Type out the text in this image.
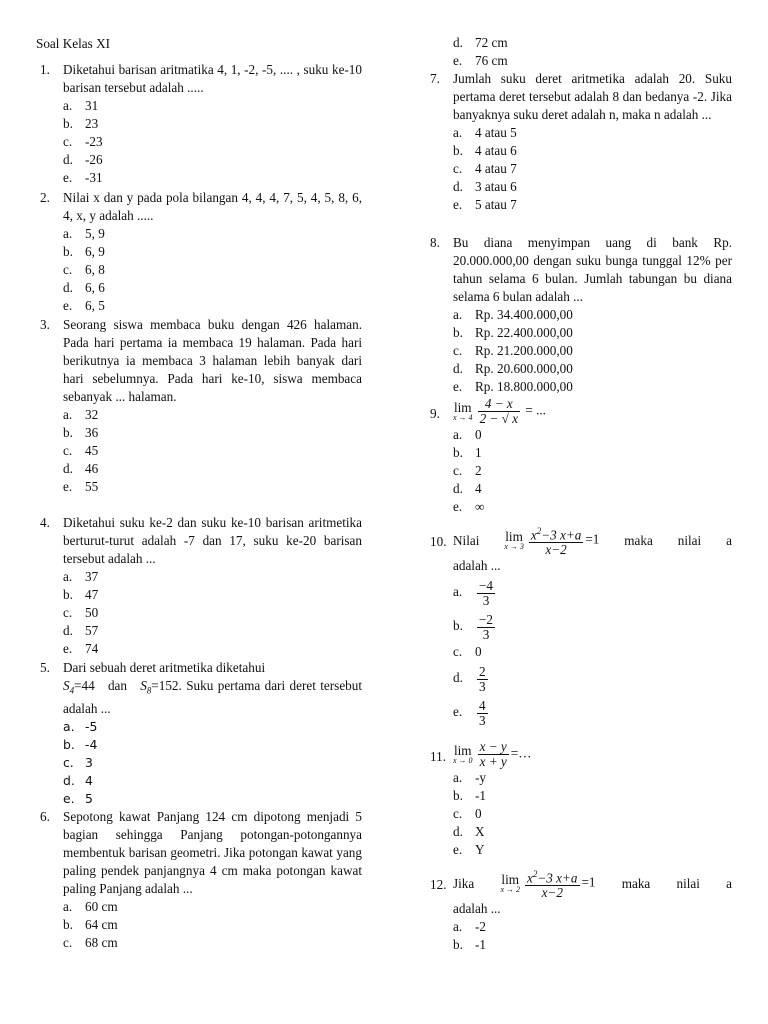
Soal Kelas XI
1. Diketahui barisan aritmatika 4, 1, -2, -5, .... , suku ke-10 barisan tersebut adalah .....
a. 31
b. 23
c. -23
d. -26
e. -31
2. Nilai x dan y pada pola bilangan 4, 4, 4, 7, 5, 4, 5, 8, 6, 4, x, y adalah .....
a. 5, 9
b. 6, 9
c. 6, 8
d. 6, 6
e. 6, 5
3. Seorang siswa membaca buku dengan 426 halaman. Pada hari pertama ia membaca 19 halaman. Pada hari berikutnya ia membaca 3 halaman lebih banyak dari hari sebelumnya. Pada hari ke-10, siswa membaca sebanyak ... halaman.
a. 32
b. 36
c. 45
d. 46
e. 55
4. Diketahui suku ke-2 dan suku ke-10 barisan aritmetika berturut-turut adalah -7 dan 17, suku ke-20 barisan tersebut adalah ...
a. 37
b. 47
c. 50
d. 57
e. 74
5. Dari sebuah deret aritmetika diketahui
$S_4=44$ dan $S_8=152$. Suku pertama dari deret tersebut adalah ...
a. -5
b. -4
c. 3
d. 4
e. 5
6. Sepotong kawat Panjang 124 cm dipotong menjadi 5 bagian sehingga Panjang potongan-potongannya membentuk barisan geometri. Jika potongan kawat yang paling pendek panjangnya 4 cm maka potongan kawat paling Panjang adalah ...
a. 60 cm
b. 64 cm
c. 68 cm
d. 72 cm
e. 76 cm
7. Jumlah suku deret aritmetika adalah 20. Suku pertama deret tersebut adalah 8 dan bedanya -2. Jika banyaknya suku deret adalah n, maka n adalah ...
a. 4 atau 5
b. 4 atau 6
c. 4 atau 7
d. 3 atau 6
e. 5 atau 7
8. Bu diana menyimpan uang di bank Rp. 20.000.000,00 dengan suku bunga tunggal 12% per tahun selama 6 bulan. Jumlah tabungan bu diana selama 6 bulan adalah ...
a. Rp. 34.400.000,00
b. Rp. 22.400.000,00
c. Rp. 21.200.000,00
d. Rp. 20.600.000,00
e. Rp. 18.800.000,00
9. lim
$x \to 4 \frac{4 - x}{2 - √ x}$ = ...
a. 0
b. 1
c. 2
d. 4
e. ∞
10. Nilai lim
$x \to 3 \frac{x^2-3 x+a}{x-2} =1$ maka nilai a
adalah ...
a. $\frac{-4}{3}$
b. $\frac{-2}{3}$
c. 0
d. $\frac{2}{3}$
e. $\frac{4}{3}$
11. lim
$x \to 0 \frac{x - y}{x + y}$ =…
a. -y
b. -1
c. 0
d. X
e. Y
12. Jika lim
$x \to 2 \frac{x^2-3 x+a}{x-2} =1$ maka nilai a
adalah ...
a. -2
b. -1
